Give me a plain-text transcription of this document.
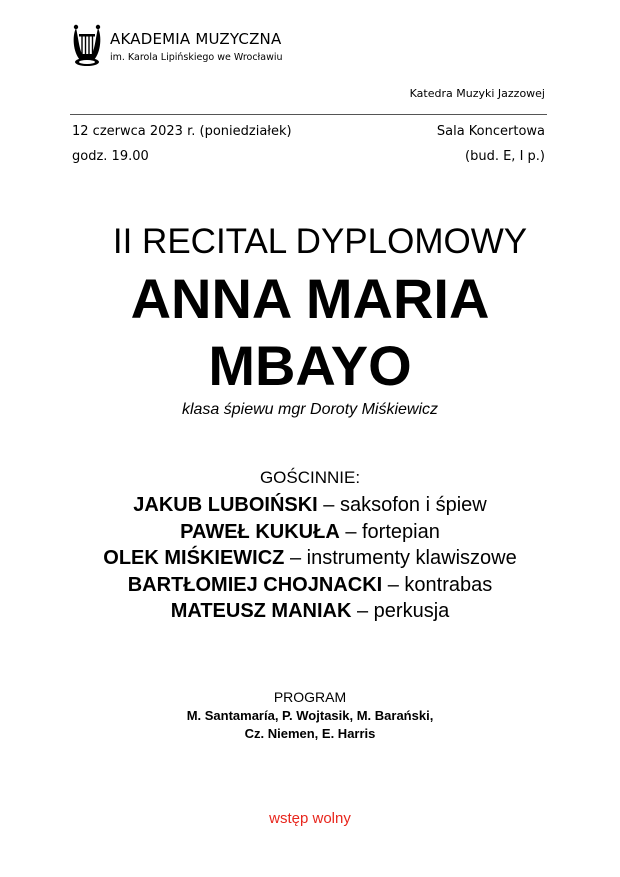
AKADEMIA MUZYCZNA
im. Karola Lipińskiego we Wrocławiu
Katedra Muzyki Jazzowej
12 czerwca 2023 r. (poniedziałek)
godz. 19.00
Sala Koncertowa
(bud. E, I p.)
II RECITAL DYPLOMOWY
ANNA MARIA
MBAYO
klasa śpiewu mgr Doroty Miśkiewicz
GOŚCINNIE:
JAKUB LUBOIŃSKI – saksofon i śpiew
PAWEŁ KUKUŁA – fortepian
OLEK MIŚKIEWICZ – instrumenty klawiszowe
BARTŁOMIEJ CHOJNACKI – kontrabas
MATEUSZ MANIAK – perkusja
PROGRAM
M. Santamaría, P. Wojtasik, M. Barański,
Cz. Niemen, E. Harris
wstęp wolny
